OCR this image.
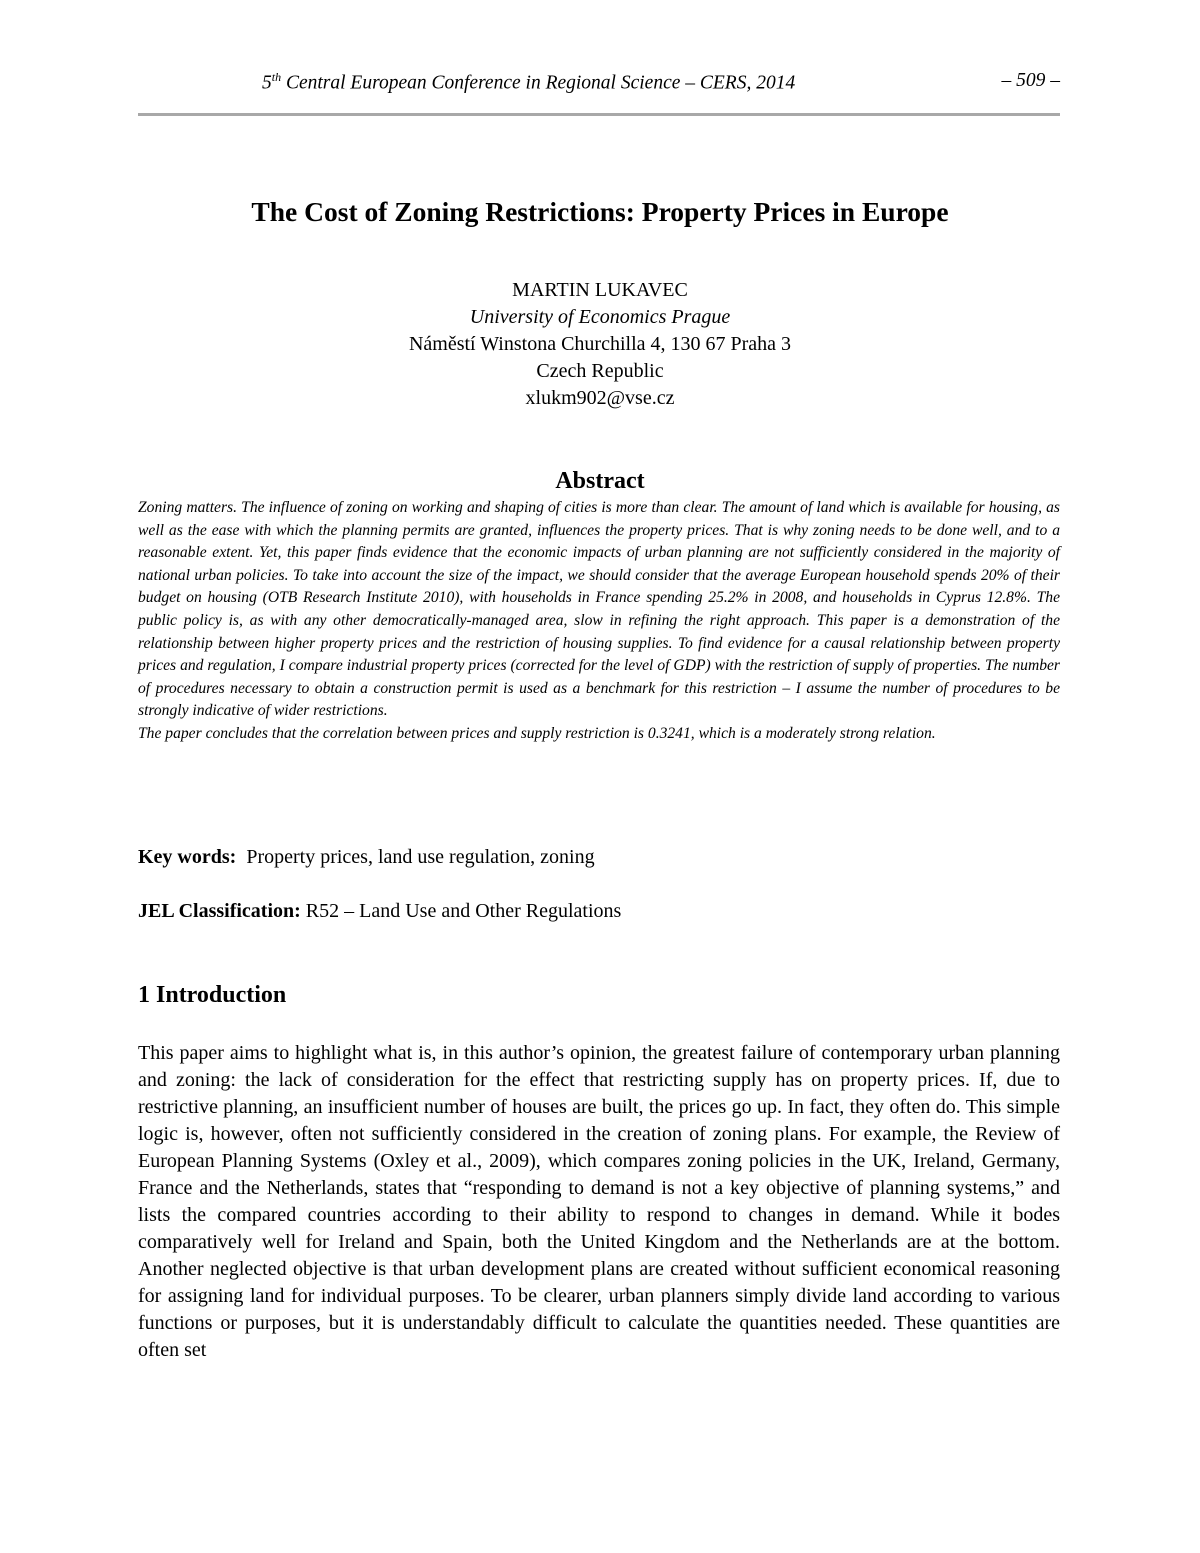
5th Central European Conference in Regional Science – CERS, 2014	– 509 –
The Cost of Zoning Restrictions: Property Prices in Europe
MARTIN LUKAVEC
University of Economics Prague
Náměstí Winstona Churchilla 4, 130 67 Praha 3
Czech Republic
xlukm902@vse.cz
Abstract

Zoning matters. The influence of zoning on working and shaping of cities is more than clear. The amount of land which is available for housing, as well as the ease with which the planning permits are granted, influences the property prices. That is why zoning needs to be done well, and to a reasonable extent. Yet, this paper finds evidence that the economic impacts of urban planning are not sufficiently considered in the majority of national urban policies. To take into account the size of the impact, we should consider that the average European household spends 20% of their budget on housing (OTB Research Institute 2010), with households in France spending 25.2% in 2008, and households in Cyprus 12.8%. The public policy is, as with any other democratically-managed area, slow in refining the right approach. This paper is a demonstration of the relationship between higher property prices and the restriction of housing supplies. To find evidence for a causal relationship between property prices and regulation, I compare industrial property prices (corrected for the level of GDP) with the restriction of supply of properties. The number of procedures necessary to obtain a construction permit is used as a benchmark for this restriction – I assume the number of procedures to be strongly indicative of wider restrictions.

The paper concludes that the correlation between prices and supply restriction is 0.3241, which is a moderately strong relation.

Key words: Property prices, land use regulation, zoning
JEL Classification: R52 – Land Use and Other Regulations
1 Introduction

This paper aims to highlight what is, in this author’s opinion, the greatest failure of contemporary urban planning and zoning: the lack of consideration for the effect that restricting supply has on property prices. If, due to restrictive planning, an insufficient number of houses are built, the prices go up. In fact, they often do. This simple logic is, however, often not sufficiently considered in the creation of zoning plans. For example, the Review of European Planning Systems (Oxley et al., 2009), which compares zoning policies in the UK, Ireland, Germany, France and the Netherlands, states that “responding to demand is not a key objective of planning systems,” and lists the compared countries according to their ability to respond to changes in demand. While it bodes comparatively well for Ireland and Spain, both the United Kingdom and the Netherlands are at the bottom. Another neglected objective is that urban development plans are created without sufficient economical reasoning for assigning land for individual purposes. To be clearer, urban planners simply divide land according to various functions or purposes, but it is understandably difficult to calculate the quantities needed. These quantities are often set
